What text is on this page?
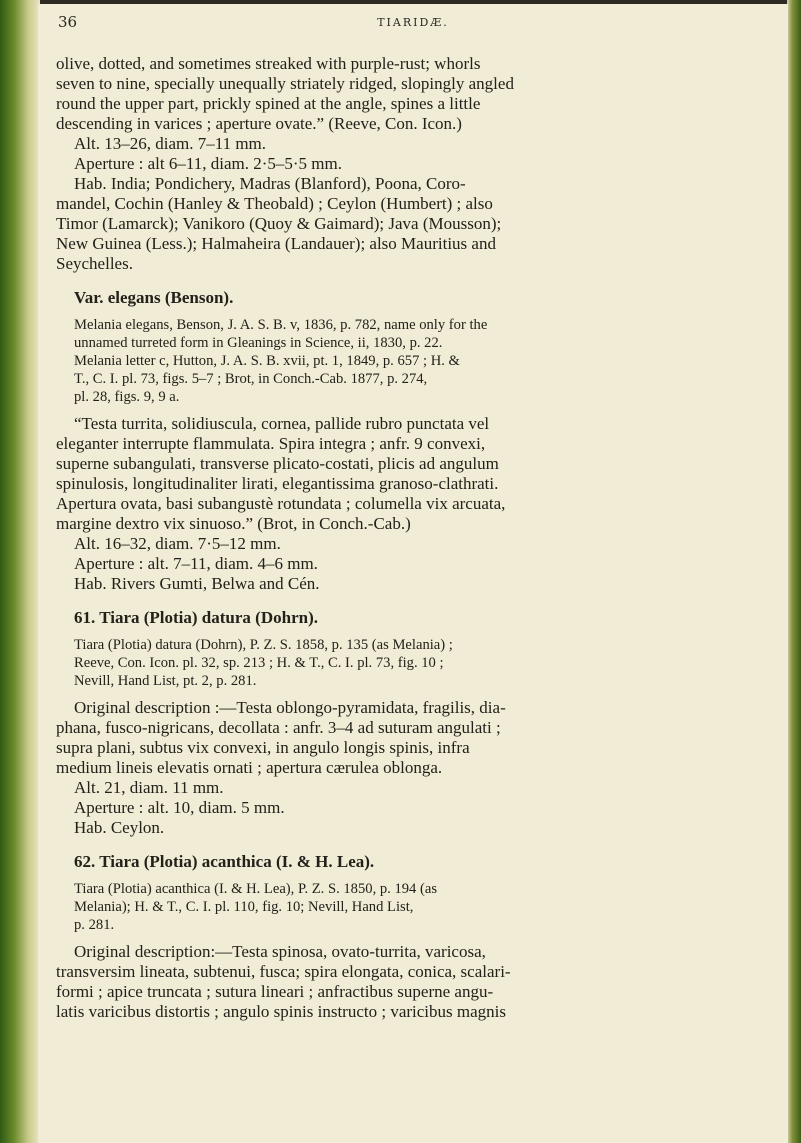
36	TIARIDÆ.

olive, dotted, and sometimes streaked with purple-rust; whorls

seven to nine, specially unequally striately ridged, slopingly angled

round the upper part, prickly spined at the angle, spines a little

descending in varices ; aperture ovate.” (Reeve, Con. Icon.)

Alt. 13–26, diam. 7–11 mm.

Aperture : alt 6–11, diam. 2·5–5·5 mm.

Hab. India; Pondichery, Madras (Blanford), Poona, Coro-

mandel, Cochin (Hanley & Theobald) ; Ceylon (Humbert) ; also

Timor (Lamarck); Vanikoro (Quoy & Gaimard); Java (Mousson);

New Guinea (Less.); Halmaheira (Landauer); also Mauritius and

Seychelles.

Var. elegans (Benson).

Melania elegans, Benson, J. A. S. B. v, 1836, p. 782, name only for the

unnamed turreted form in Gleanings in Science, ii, 1830, p. 22.

Melania letter c, Hutton, J. A. S. B. xvii, pt. 1, 1849, p. 657 ; H. &

T., C. I. pl. 73, figs. 5–7 ; Brot, in Conch.-Cab. 1877, p. 274,

pl. 28, figs. 9, 9 a.

“Testa turrita, solidiuscula, cornea, pallide rubro punctata vel

eleganter interrupte flammulata. Spira integra ; anfr. 9 convexi,

superne subangulati, transverse plicato-costati, plicis ad angulum

spinulosis, longitudinaliter lirati, elegantissima granoso-clathrati.

Apertura ovata, basi subangustè rotundata ; columella vix arcuata,

margine dextro vix sinuoso.” (Brot, in Conch.-Cab.)

Alt. 16–32, diam. 7·5–12 mm.

Aperture : alt. 7–11, diam. 4–6 mm.

Hab. Rivers Gumti, Belwa and Cén.

61. Tiara (Plotia) datura (Dohrn).

Tiara (Plotia) datura (Dohrn), P. Z. S. 1858, p. 135 (as Melania) ;

Reeve, Con. Icon. pl. 32, sp. 213 ; H. & T., C. I. pl. 73, fig. 10 ;

Nevill, Hand List, pt. 2, p. 281.

Original description :—Testa oblongo-pyramidata, fragilis, dia-

phana, fusco-nigricans, decollata : anfr. 3–4 ad suturam angulati ;

supra plani, subtus vix convexi, in angulo longis spinis, infra

medium lineis elevatis ornati ; apertura cærulea oblonga.

Alt. 21, diam. 11 mm.

Aperture : alt. 10, diam. 5 mm.

Hab. Ceylon.

62. Tiara (Plotia) acanthica (I. & H. Lea).

Tiara (Plotia) acanthica (I. & H. Lea), P. Z. S. 1850, p. 194 (as

Melania); H. & T., C. I. pl. 110, fig. 10; Nevill, Hand List,

p. 281.

Original description:—Testa spinosa, ovato-turrita, varicosa,

transversim lineata, subtenui, fusca; spira elongata, conica, scalari-

formi ; apice truncata ; sutura lineari ; anfractibus superne angu-

latis varicibus distortis ; angulo spinis instructo ; varicibus magnis
